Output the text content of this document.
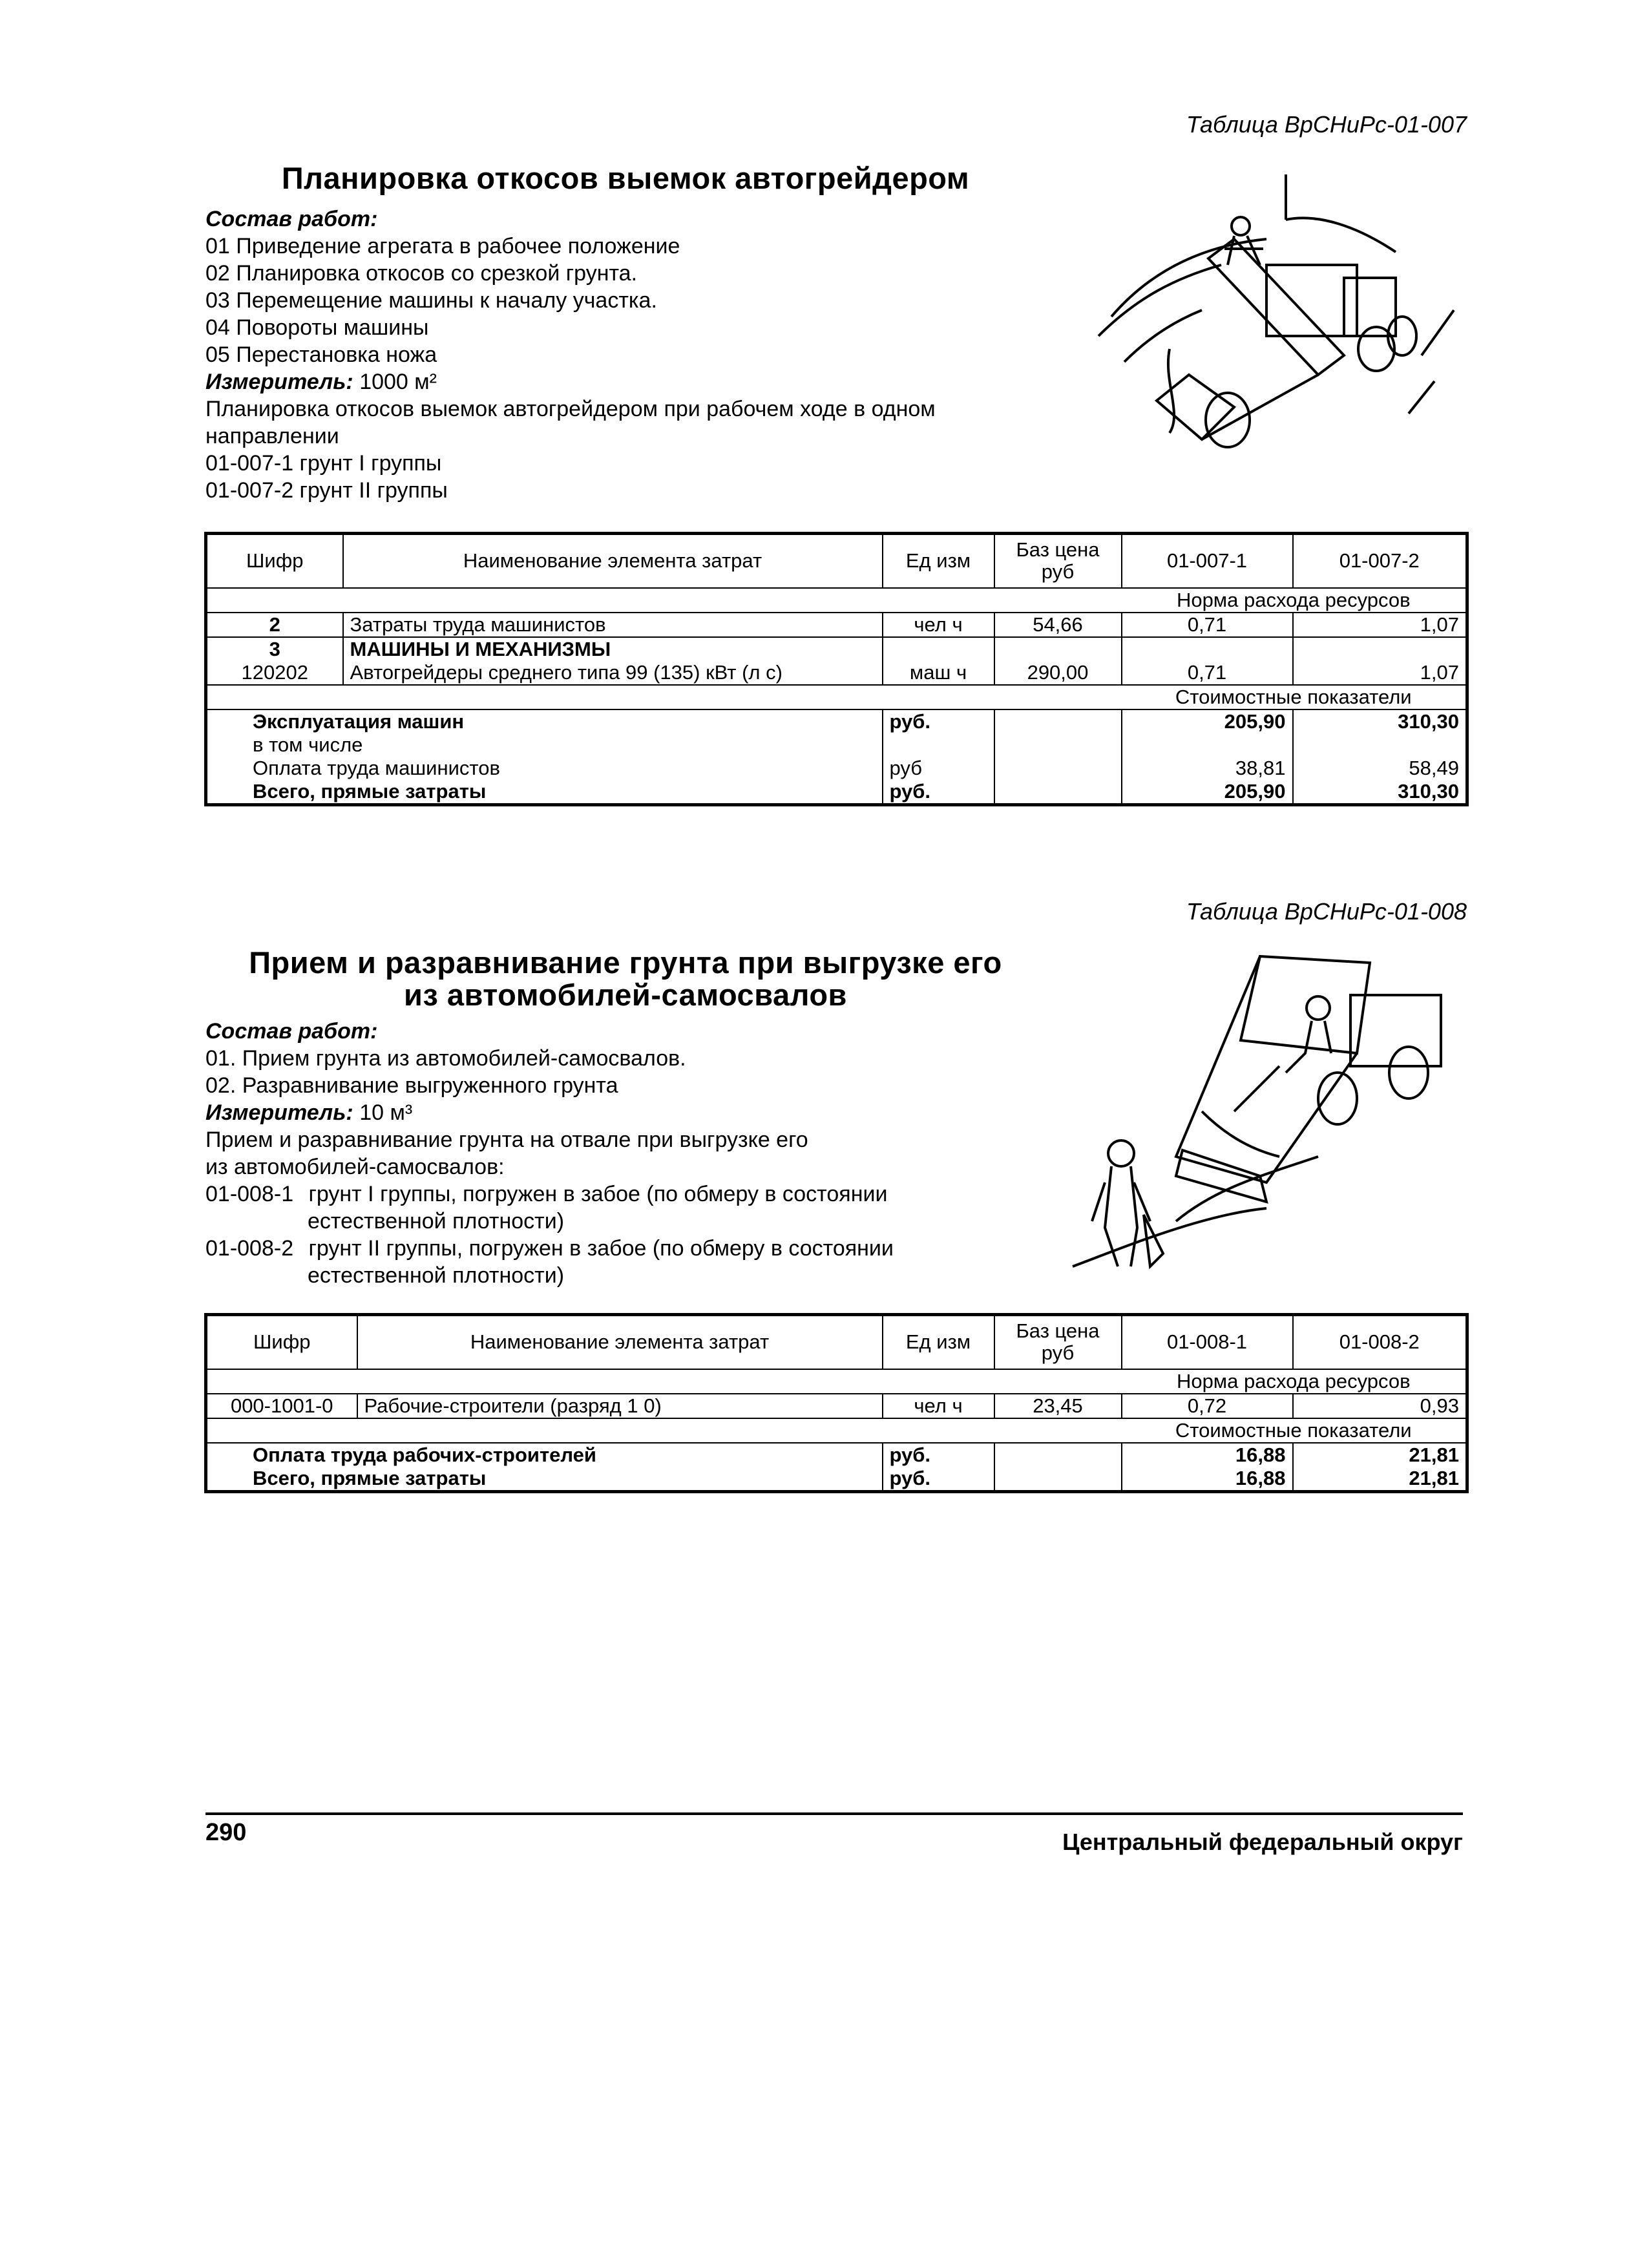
Таблица ВрСНиРс-01-007
Планировка откосов выемок автогрейдером
Состав работ:
01 Приведение агрегата в рабочее положение
02 Планировка откосов со срезкой грунта.
03 Перемещение машины к началу участка.
04 Повороты машины
05 Перестановка ножа
Измеритель: 1000 м²
Планировка откосов выемок автогрейдером при рабочем ходе в одном
направлении
01-007-1 грунт I группы
01-007-2 грунт II группы
Шифр	Наименование элемента затрат	Ед изм	Баз цена руб	01-007-1	01-007-2
				Норма расхода ресурсов	
2	Затраты труда машинистов	чел ч	54,66	0,71	1,07
3	МАШИНЫ И МЕХАНИЗМЫ				
120202	Автогрейдеры среднего типа 99 (135) кВт (л с)	маш ч	290,00	0,71	1,07
				Стоимостные показатели	
Эксплуатация машин		руб.		205,90	310,30
в том числе					
Оплата труда машинистов		руб		38,81	58,49
Всего, прямые затраты		руб.		205,90	310,30
Таблица ВрСНиРс-01-008
Прием и разравнивание грунта при выгрузке его
из автомобилей-самосвалов
Состав работ:
01. Прием грунта из автомобилей-самосвалов.
02. Разравнивание выгруженного грунта
Измеритель: 10 м³
Прием и разравнивание грунта на отвале при выгрузке его
из автомобилей-самосвалов:
01-008-1 грунт I группы, погружен в забое (по обмеру в состоянии
естественной плотности)
01-008-2 грунт II группы, погружен в забое (по обмеру в состоянии
естественной плотности)
Шифр	Наименование элемента затрат	Ед изм	Баз цена руб	01-008-1	01-008-2
				Норма расхода ресурсов	
000-1001-0	Рабочие-строители (разряд 1 0)	чел ч	23,45	0,72	0,93
				Стоимостные показатели	
Оплата труда рабочих-строителей		руб.		16,88	21,81
Всего, прямые затраты		руб.		16,88	21,81
290	Центральный федеральный округ
